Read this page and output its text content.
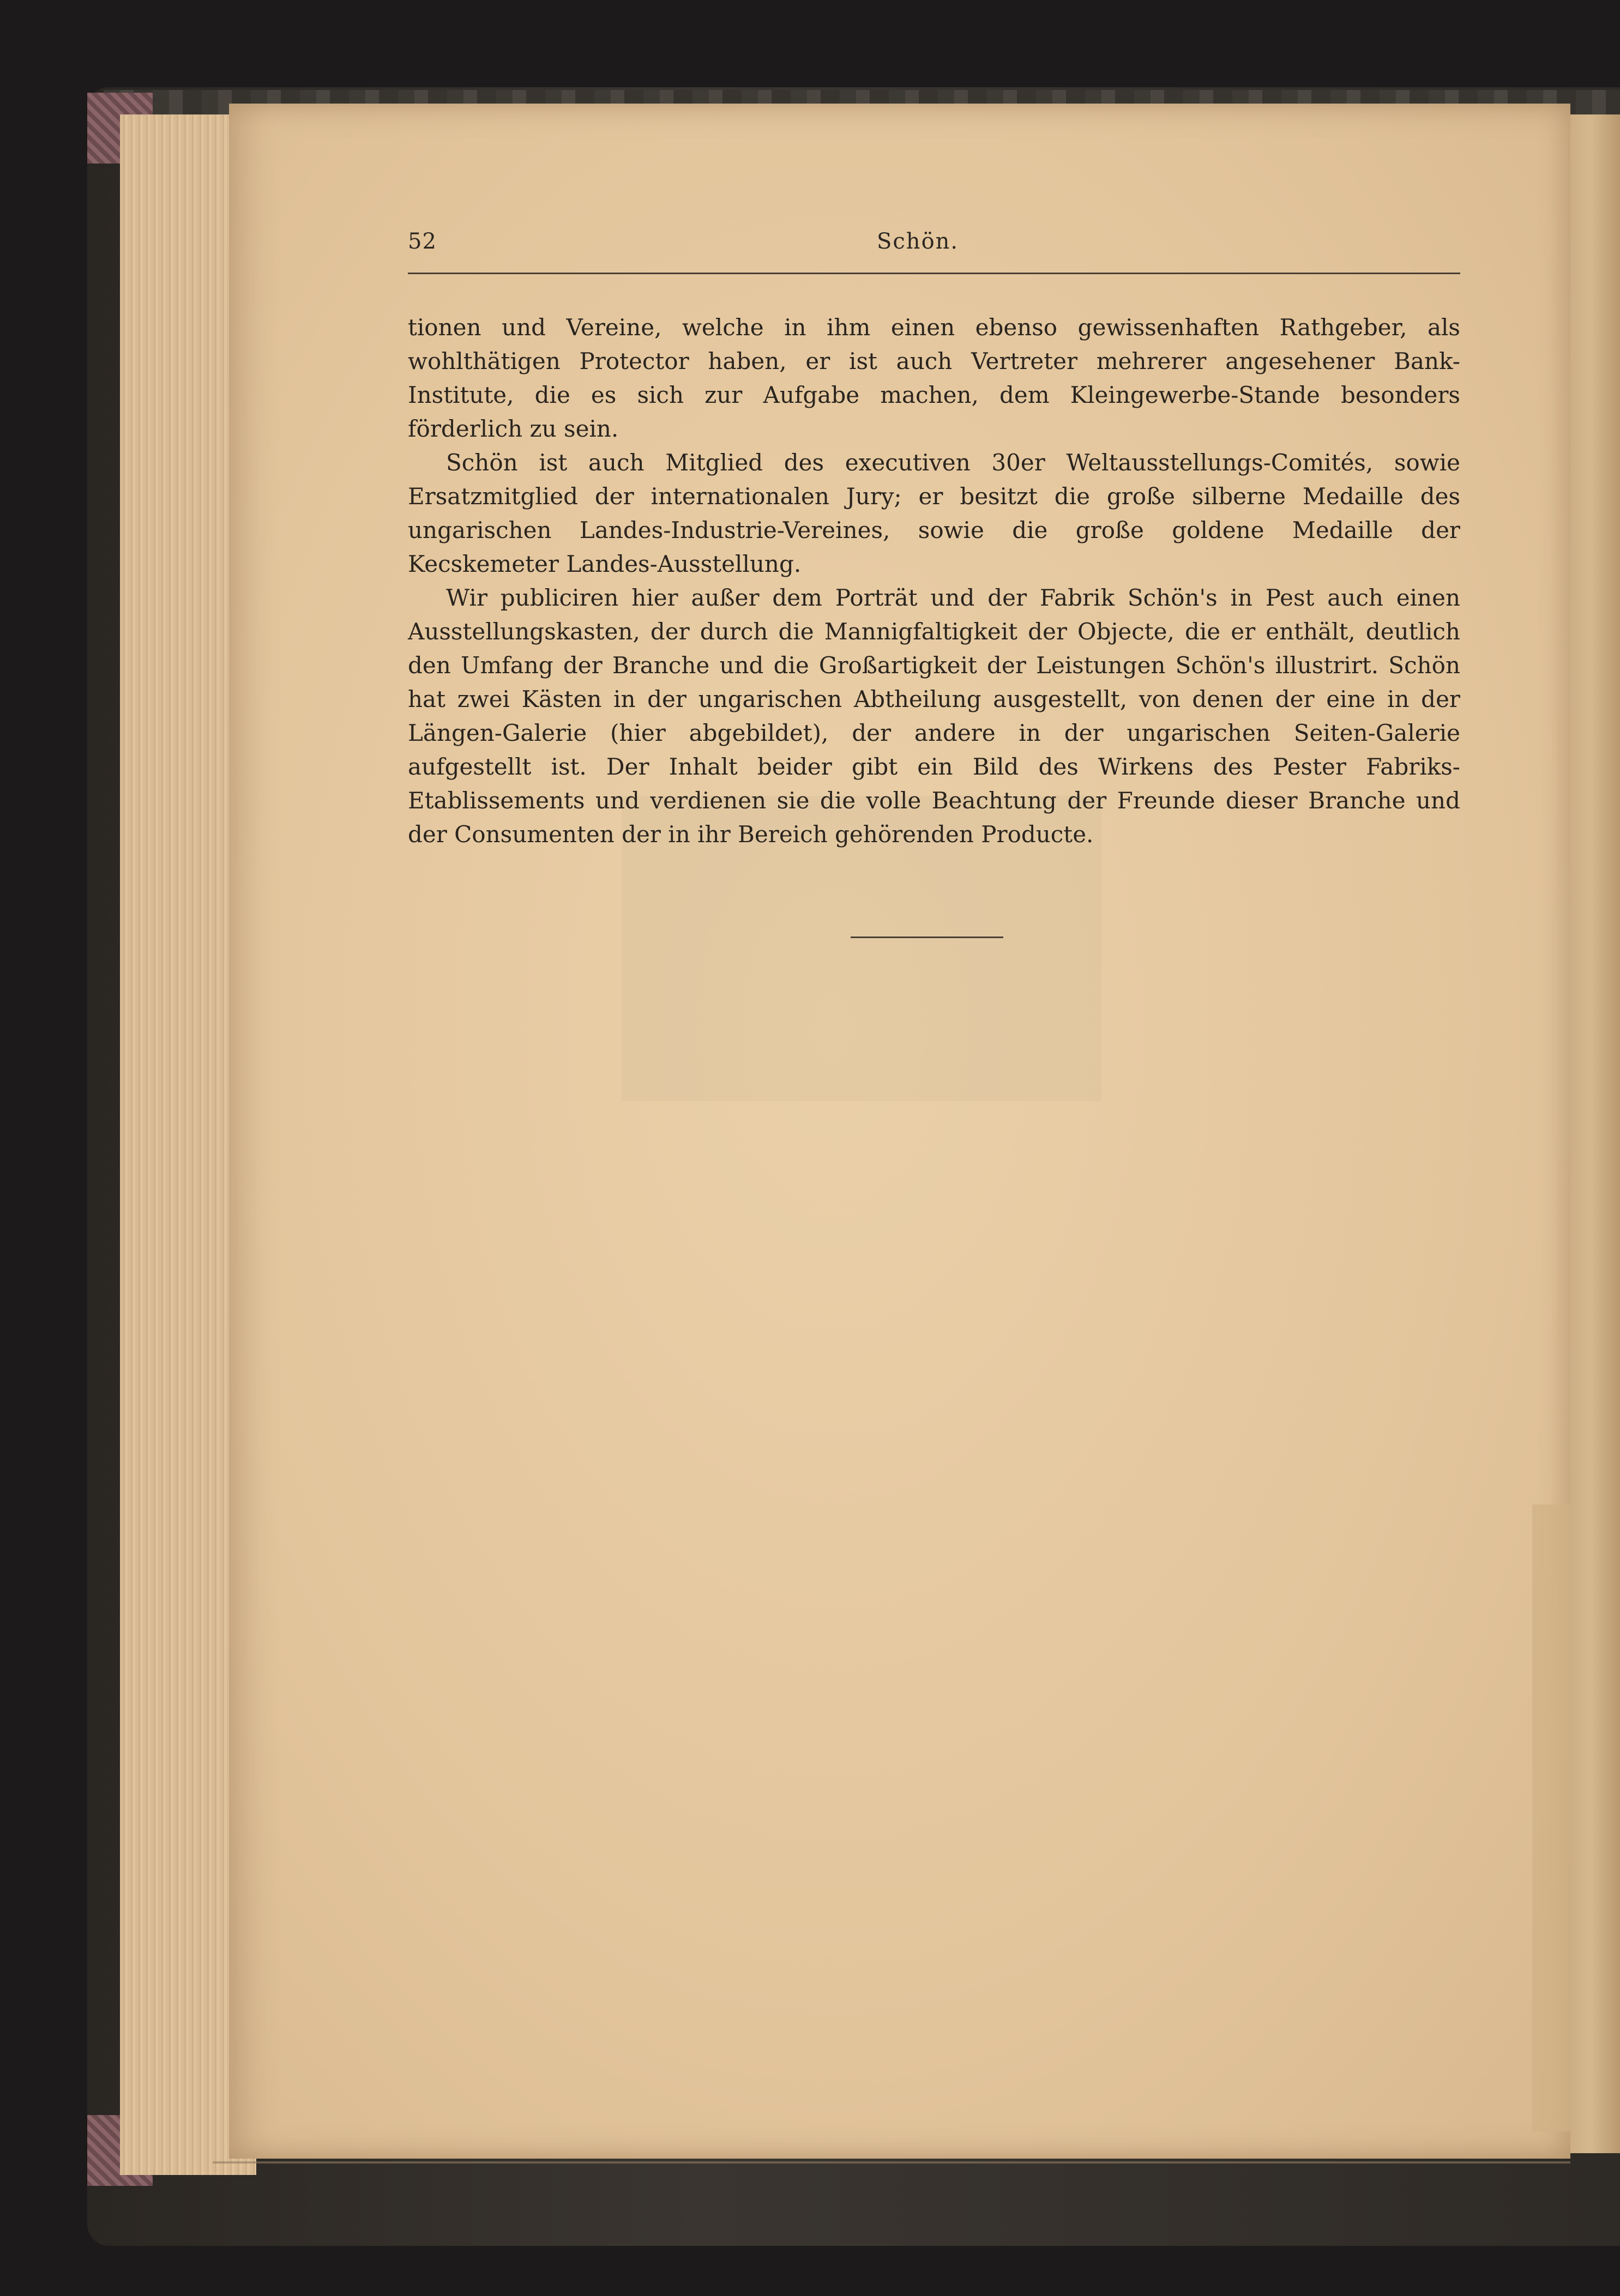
52	Schön.

tionen und Vereine, welche in ihm einen ebenso gewissenhaften Rathgeber, als wohlthätigen Protector haben, er ist auch Vertreter mehrerer angesehener Bank-Institute, die es sich zur Aufgabe machen, dem Kleingewerbe-Stande besonders förderlich zu sein.

Schön ist auch Mitglied des executiven 30er Weltausstellungs-Comités, sowie Ersatzmitglied der internationalen Jury; er besitzt die große silberne Medaille des ungarischen Landes-Industrie-Vereines, sowie die große goldene Medaille der Kecskemeter Landes-Ausstellung.

Wir publiciren hier außer dem Porträt und der Fabrik Schön's in Pest auch einen Ausstellungskasten, der durch die Mannigfaltigkeit der Objecte, die er enthält, deutlich den Umfang der Branche und die Großartigkeit der Leistungen Schön's illustrirt. Schön hat zwei Kästen in der ungarischen Abtheilung ausgestellt, von denen der eine in der Längen-Galerie (hier abgebildet), der andere in der ungarischen Seiten-Galerie aufgestellt ist. Der Inhalt beider gibt ein Bild des Wirkens des Pester Fabriks-Etablissements und verdienen sie die volle Beachtung der Freunde dieser Branche und der Consumenten der in ihr Bereich gehörenden Producte.
